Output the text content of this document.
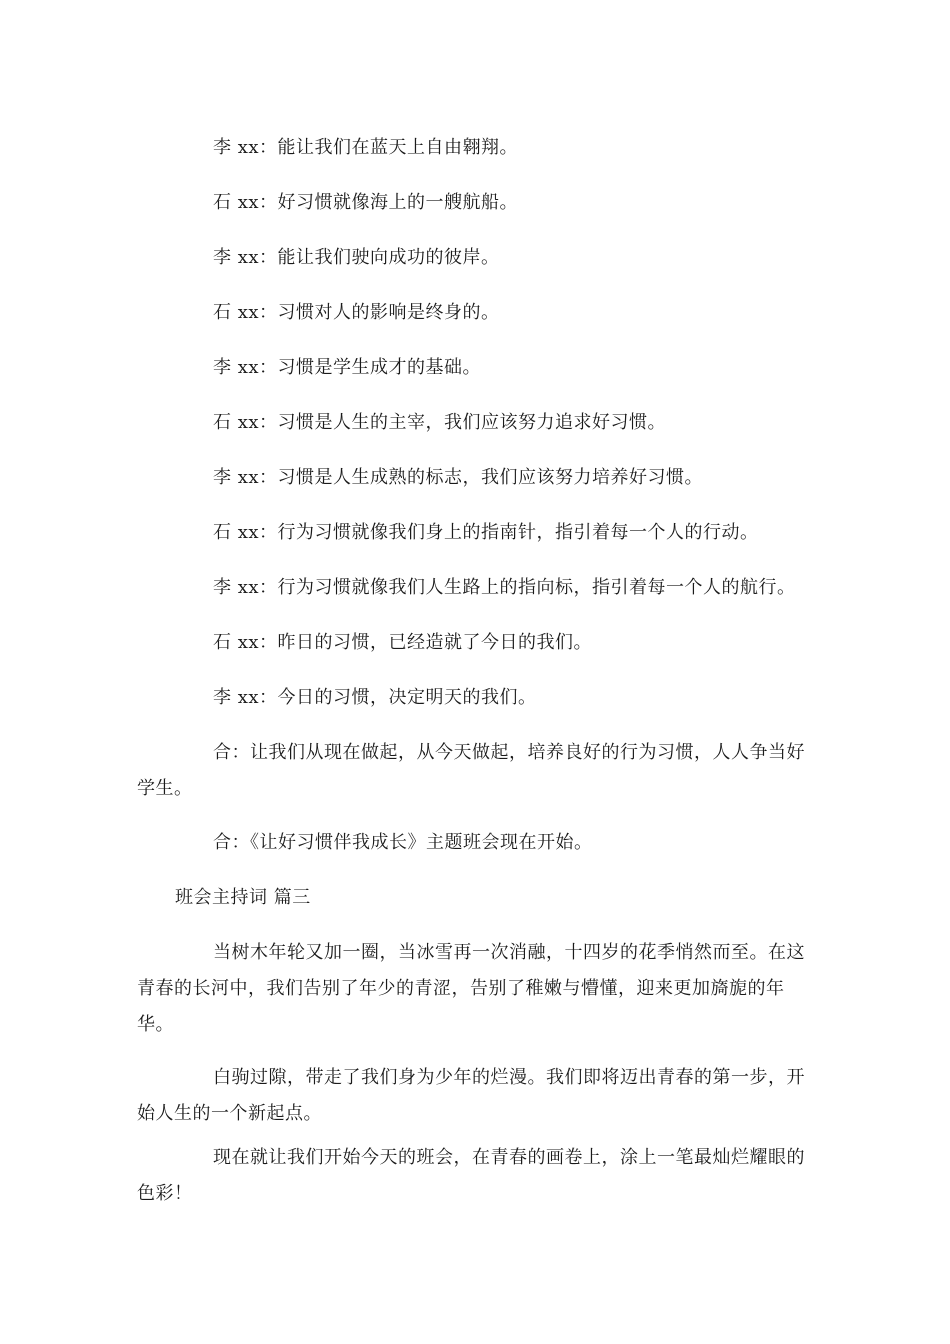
李 xx：能让我们在蓝天上自由翱翔。

石 xx：好习惯就像海上的一艘航船。

李 xx：能让我们驶向成功的彼岸。

石 xx：习惯对人的影响是终身的。

李 xx：习惯是学生成才的基础。

石 xx：习惯是人生的主宰，我们应该努力追求好习惯。

李 xx：习惯是人生成熟的标志，我们应该努力培养好习惯。

石 xx：行为习惯就像我们身上的指南针，指引着每一个人的行动。

李 xx：行为习惯就像我们人生路上的指向标，指引着每一个人的航行。

石 xx：昨日的习惯，已经造就了今日的我们。

李 xx：今日的习惯，决定明天的我们。

合：让我们从现在做起，从今天做起，培养良好的行为习惯，人人争当好学生。

合：《让好习惯伴我成长》主题班会现在开始。

班会主持词 篇三

当树木年轮又加一圈，当冰雪再一次消融，十四岁的花季悄然而至。在这青春的长河中，我们告别了年少的青涩，告别了稚嫩与懵懂，迎来更加旖旎的年华。

白驹过隙，带走了我们身为少年的烂漫。我们即将迈出青春的第一步，开始人生的一个新起点。

现在就让我们开始今天的班会，在青春的画卷上，涂上一笔最灿烂耀眼的色彩！
